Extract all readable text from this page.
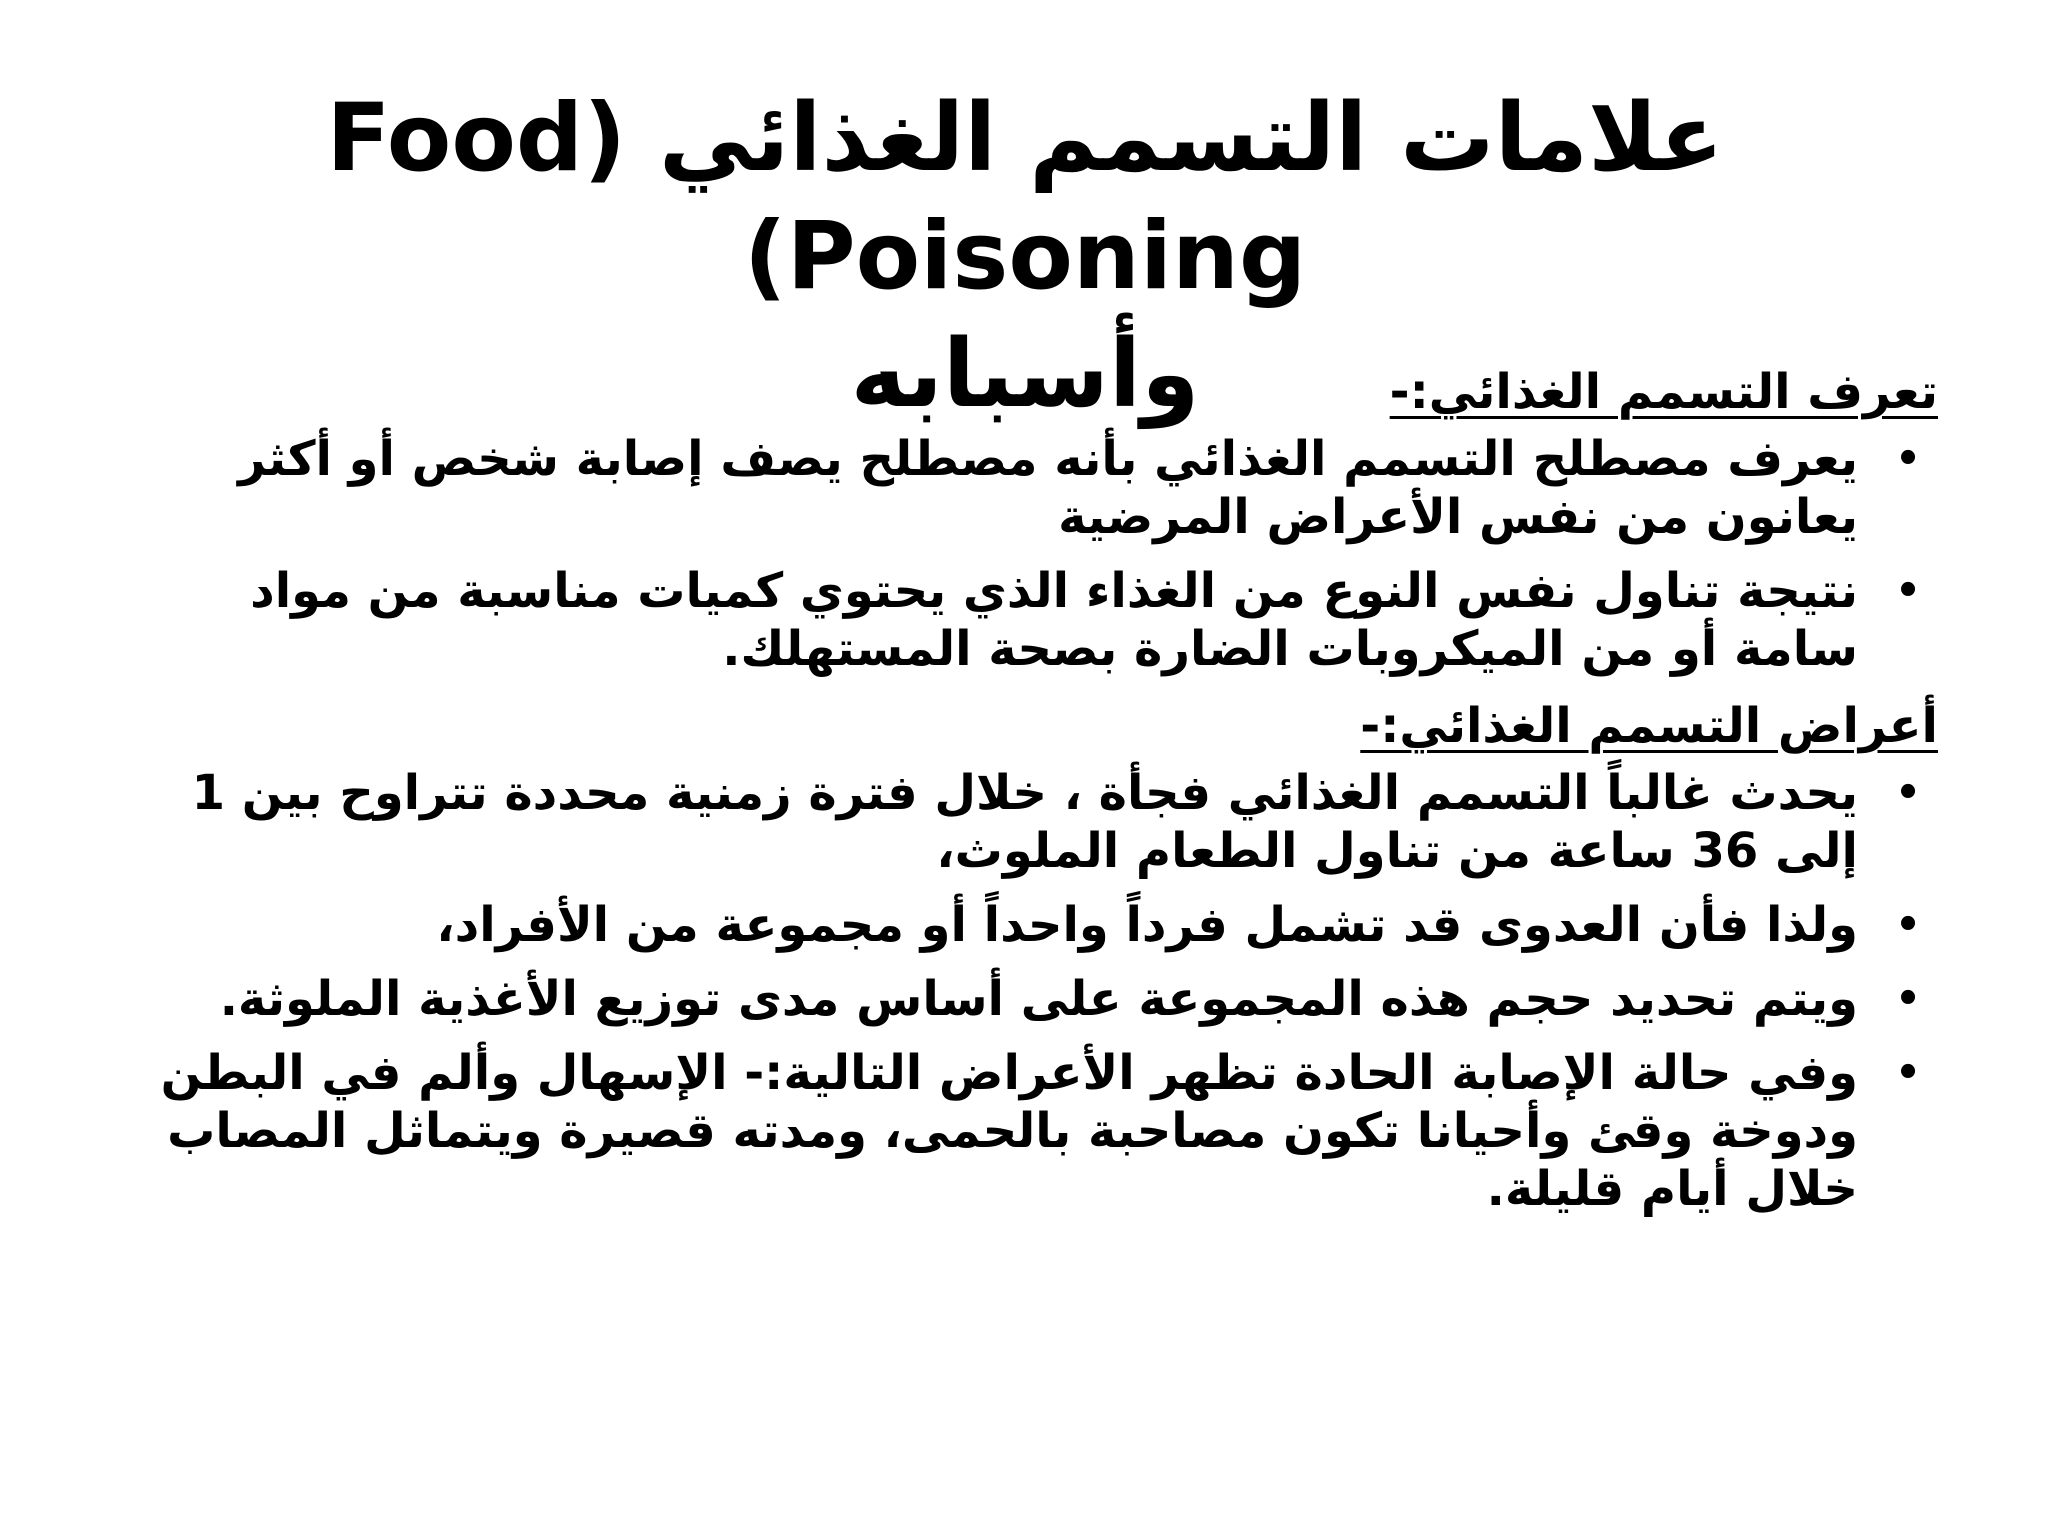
علامات التسمم الغذائي (Food Poisoning)
وأسبابه	تعرف التسمم الغذائي:-

•
يعرف مصطلح التسمم الغذائي بأنه مصطلح يصف إصابة شخص أو أكثر يعانون من نفس الأعراض المرضية
•
نتيجة تناول نفس النوع من الغذاء الذي يحتوي كميات مناسبة من مواد سامة أو من الميكروبات الضارة بصحة المستهلك.

أعراض التسمم الغذائي:-

•
يحدث غالباً التسمم الغذائي فجأة ، خلال فترة زمنية محددة تتراوح بين 1 إلى 36 ساعة من تناول الطعام الملوث،
•
ولذا فأن العدوى قد تشمل فرداً واحداً أو مجموعة من الأفراد،
•
ويتم تحديد حجم هذه المجموعة على أساس مدى توزيع الأغذية الملوثة.
•
وفي حالة الإصابة الحادة تظهر الأعراض التالية:- الإسهال وألم في البطن ودوخة وقئ وأحيانا تكون مصاحبة بالحمى، ومدته قصيرة ويتماثل المصاب خلال أيام قليلة.
